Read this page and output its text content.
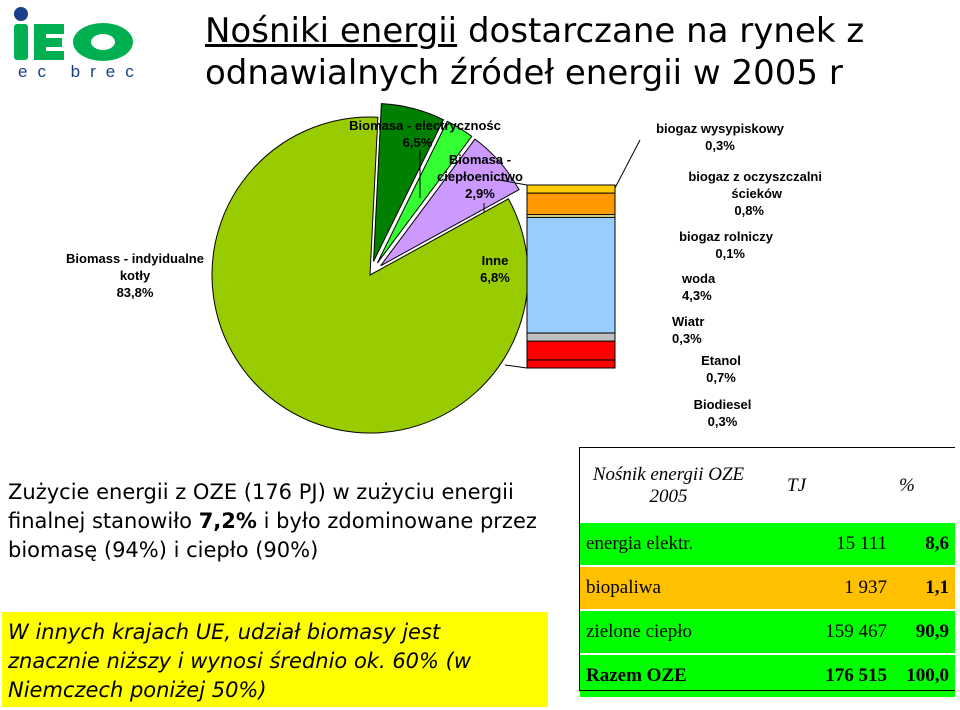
ec brec
Nośniki energii dostarczane na rynek z odnawialnych źródeł energii w 2005 r
Biomass - indyidualne
kotły
83,8%
Biomasa - electrycznośc
6,5%
Biomasa -
ciepłoenictwo
2,9%
Inne
6,8%
biogaz wysypiskowy
0,3%
biogaz z oczyszczalni
ścieków
0,8%
biogaz rolniczy
0,1%
woda
4,3%
Wiatr
0,3%
Etanol
0,7%
Biodiesel
0,3%
Zużycie energii z OZE (176 PJ) w zużyciu energii finalnej stanowiło 7,2% i było zdominowane przez biomasę (94%) i ciepło (90%)
W innych krajach UE, udział biomasy jest znacznie niższy i wynosi średnio ok. 60% (w Niemczech poniżej 50%)
Nośnik energii OZE 2005	TJ	%
energia elektr.	15 111	8,6

biopaliwa	1 937	1,1

zielone ciepło	159 467	90,9

Razem OZE	176 515	100,0
